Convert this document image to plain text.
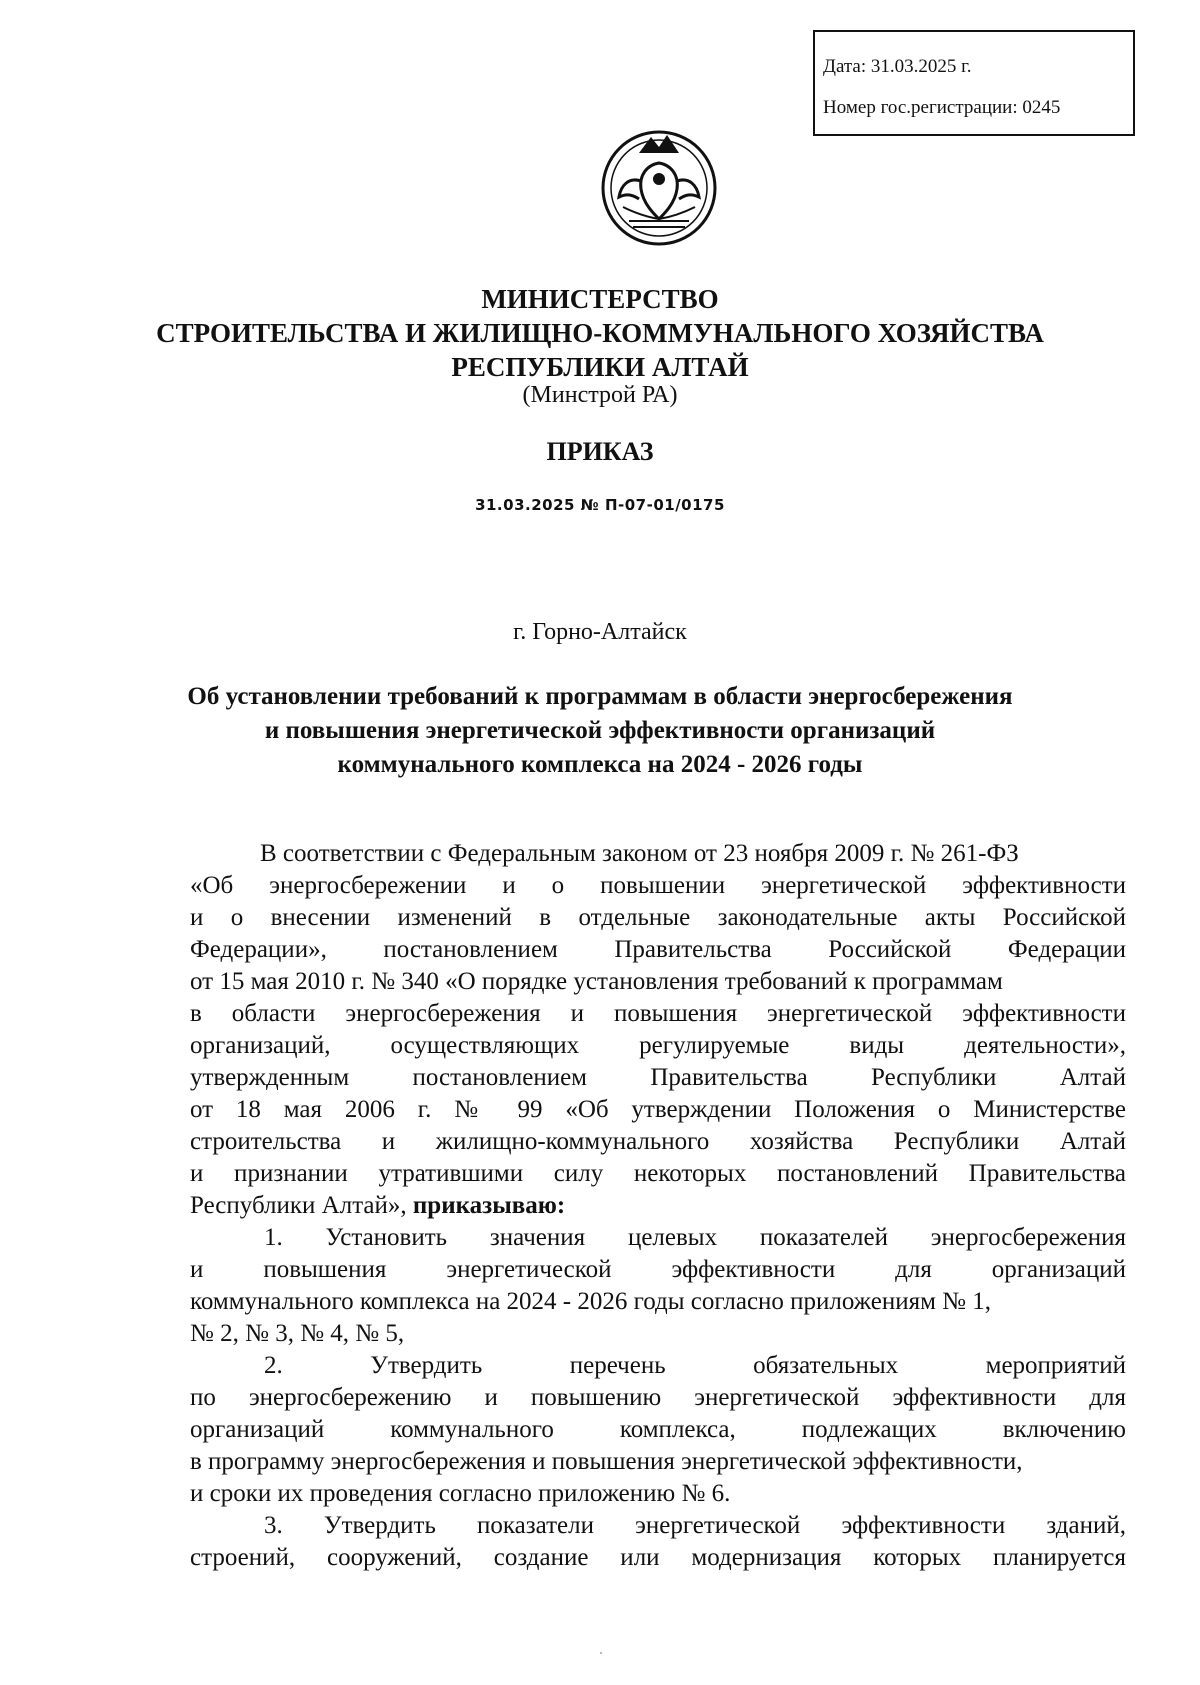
Дата: 31.03.2025 г.
Номер гос.регистрации: 0245
МИНИСТЕРСТВО
СТРОИТЕЛЬСТВА И ЖИЛИЩНО-КОММУНАЛЬНОГО ХОЗЯЙСТВА
РЕСПУБЛИКИ АЛТАЙ
(Минстрой РА)
ПРИКАЗ
31.03.2025 № П-07-01/0175
г. Горно-Алтайск
Об установлении требований к программам в области энергосбережения
и повышения энергетической эффективности организаций
коммунального комплекса на 2024 - 2026 годы
В соответствии с Федеральным законом от 23 ноября 2009 г. № 261-ФЗ
«Об энергосбережении и о повышении энергетической эффективности
и о внесении изменений в отдельные законодательные акты Российской
Федерации», постановлением Правительства Российской Федерации
от 15 мая 2010 г. № 340 «О порядке установления требований к программам
в области энергосбережения и повышения энергетической эффективности
организаций, осуществляющих регулируемые виды деятельности»,
утвержденным постановлением Правительства Республики Алтай
от 18 мая 2006 г. № 99 «Об утверждении Положения о Министерстве
строительства и жилищно-коммунального хозяйства Республики Алтай
и признании утратившими силу некоторых постановлений Правительства
Республики Алтай», приказываю:
1. Установить значения целевых показателей энергосбережения
и повышения энергетической эффективности для организаций
коммунального комплекса на 2024 - 2026 годы согласно приложениям № 1,
№ 2, № 3, № 4, № 5,
2. Утвердить перечень обязательных мероприятий
по энергосбережению и повышению энергетической эффективности для
организаций коммунального комплекса, подлежащих включению
в программу энергосбережения и повышения энергетической эффективности,
и сроки их проведения согласно приложению № 6.
3. Утвердить показатели энергетической эффективности зданий,
строений, сооружений, создание или модернизация которых планируется
